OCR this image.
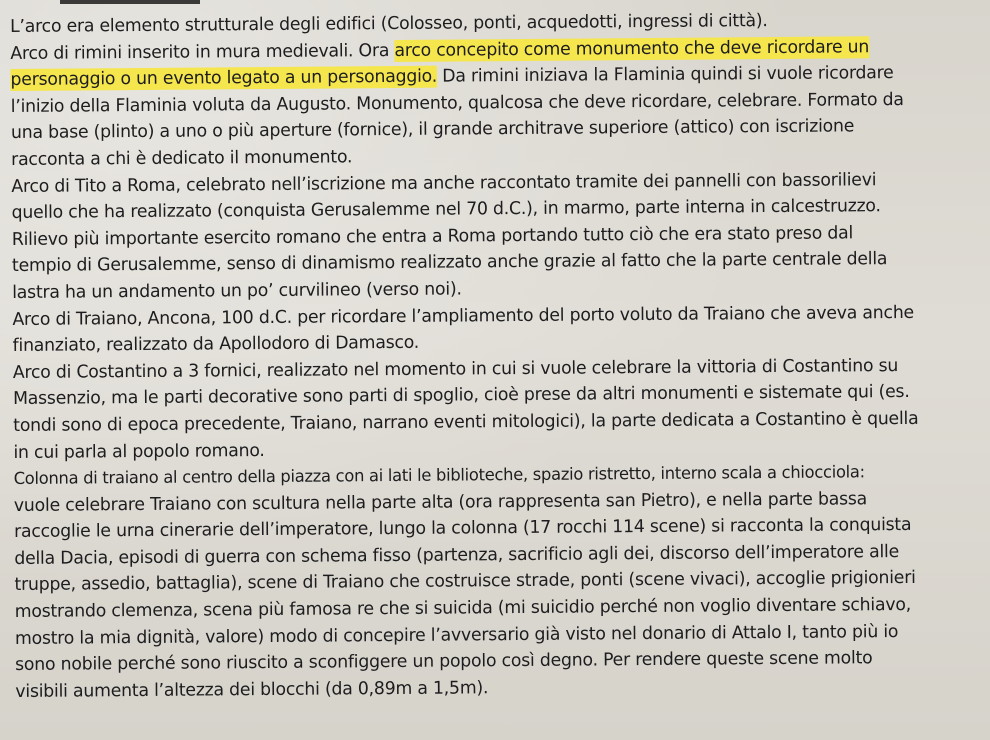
L’arco era elemento strutturale degli edifici (Colosseo, ponti, acquedotti, ingressi di città).

Arco di rimini inserito in mura medievali. Ora arco concepito come monumento che deve ricordare un

personaggio o un evento legato a un personaggio. Da rimini iniziava la Flaminia quindi si vuole ricordare

l’inizio della Flaminia voluta da Augusto. Monumento, qualcosa che deve ricordare, celebrare. Formato da

una base (plinto) a uno o più aperture (fornice), il grande architrave superiore (attico) con iscrizione

racconta a chi è dedicato il monumento.

Arco di Tito a Roma, celebrato nell’iscrizione ma anche raccontato tramite dei pannelli con bassorilievi

quello che ha realizzato (conquista Gerusalemme nel 70 d.C.), in marmo, parte interna in calcestruzzo.

Rilievo più importante esercito romano che entra a Roma portando tutto ciò che era stato preso dal

tempio di Gerusalemme, senso di dinamismo realizzato anche grazie al fatto che la parte centrale della

lastra ha un andamento un po’ curvilineo (verso noi).

Arco di Traiano, Ancona, 100 d.C. per ricordare l’ampliamento del porto voluto da Traiano che aveva anche

finanziato, realizzato da Apollodoro di Damasco.

Arco di Costantino a 3 fornici, realizzato nel momento in cui si vuole celebrare la vittoria di Costantino su

Massenzio, ma le parti decorative sono parti di spoglio, cioè prese da altri monumenti e sistemate qui (es.

tondi sono di epoca precedente, Traiano, narrano eventi mitologici), la parte dedicata a Costantino è quella

in cui parla al popolo romano.

Colonna di traiano al centro della piazza con ai lati le biblioteche, spazio ristretto, interno scala a chiocciola:

vuole celebrare Traiano con scultura nella parte alta (ora rappresenta san Pietro), e nella parte bassa

raccoglie le urna cinerarie dell’imperatore, lungo la colonna (17 rocchi 114 scene) si racconta la conquista

della Dacia, episodi di guerra con schema fisso (partenza, sacrificio agli dei, discorso dell’imperatore alle

truppe, assedio, battaglia), scene di Traiano che costruisce strade, ponti (scene vivaci), accoglie prigionieri

mostrando clemenza, scena più famosa re che si suicida (mi suicidio perché non voglio diventare schiavo,

mostro la mia dignità, valore) modo di concepire l’avversario già visto nel donario di Attalo I, tanto più io

sono nobile perché sono riuscito a sconfiggere un popolo così degno. Per rendere queste scene molto

visibili aumenta l’altezza dei blocchi (da 0,89m a 1,5m).
